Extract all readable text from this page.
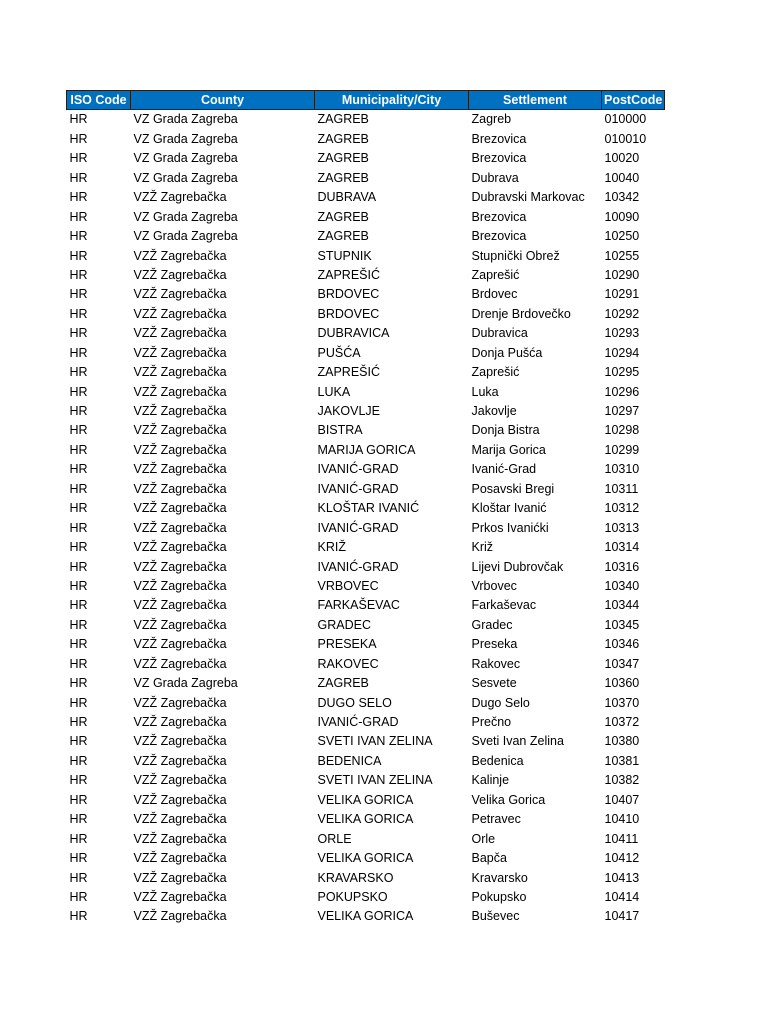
ISO Code	County	Municipality/City	Settlement	PostCode
HR	VZ Grada Zagreba	ZAGREB	Zagreb	010000
HR	VZ Grada Zagreba	ZAGREB	Brezovica	010010
HR	VZ Grada Zagreba	ZAGREB	Brezovica	10020
HR	VZ Grada Zagreba	ZAGREB	Dubrava	10040
HR	VZŽ Zagrebačka	DUBRAVA	Dubravski Markovac	10342
HR	VZ Grada Zagreba	ZAGREB	Brezovica	10090
HR	VZ Grada Zagreba	ZAGREB	Brezovica	10250
HR	VZŽ Zagrebačka	STUPNIK	Stupnički Obrež	10255
HR	VZŽ Zagrebačka	ZAPREŠIĆ	Zaprešić	10290
HR	VZŽ Zagrebačka	BRDOVEC	Brdovec	10291
HR	VZŽ Zagrebačka	BRDOVEC	Drenje Brdovečko	10292
HR	VZŽ Zagrebačka	DUBRAVICA	Dubravica	10293
HR	VZŽ Zagrebačka	PUŠĆA	Donja Pušća	10294
HR	VZŽ Zagrebačka	ZAPREŠIĆ	Zaprešić	10295
HR	VZŽ Zagrebačka	LUKA	Luka	10296
HR	VZŽ Zagrebačka	JAKOVLJE	Jakovlje	10297
HR	VZŽ Zagrebačka	BISTRA	Donja Bistra	10298
HR	VZŽ Zagrebačka	MARIJA GORICA	Marija Gorica	10299
HR	VZŽ Zagrebačka	IVANIĆ-GRAD	Ivanić-Grad	10310
HR	VZŽ Zagrebačka	IVANIĆ-GRAD	Posavski Bregi	10311
HR	VZŽ Zagrebačka	KLOŠTAR IVANIĆ	Kloštar Ivanić	10312
HR	VZŽ Zagrebačka	IVANIĆ-GRAD	Prkos Ivanićki	10313
HR	VZŽ Zagrebačka	KRIŽ	Križ	10314
HR	VZŽ Zagrebačka	IVANIĆ-GRAD	Lijevi Dubrovčak	10316
HR	VZŽ Zagrebačka	VRBOVEC	Vrbovec	10340
HR	VZŽ Zagrebačka	FARKAŠEVAC	Farkaševac	10344
HR	VZŽ Zagrebačka	GRADEC	Gradec	10345
HR	VZŽ Zagrebačka	PRESEKA	Preseka	10346
HR	VZŽ Zagrebačka	RAKOVEC	Rakovec	10347
HR	VZ Grada Zagreba	ZAGREB	Sesvete	10360
HR	VZŽ Zagrebačka	DUGO SELO	Dugo Selo	10370
HR	VZŽ Zagrebačka	IVANIĆ-GRAD	Prečno	10372
HR	VZŽ Zagrebačka	SVETI IVAN ZELINA	Sveti Ivan Zelina	10380
HR	VZŽ Zagrebačka	BEDENICA	Bedenica	10381
HR	VZŽ Zagrebačka	SVETI IVAN ZELINA	Kalinje	10382
HR	VZŽ Zagrebačka	VELIKA GORICA	Velika Gorica	10407
HR	VZŽ Zagrebačka	VELIKA GORICA	Petravec	10410
HR	VZŽ Zagrebačka	ORLE	Orle	10411
HR	VZŽ Zagrebačka	VELIKA GORICA	Bapča	10412
HR	VZŽ Zagrebačka	KRAVARSKO	Kravarsko	10413
HR	VZŽ Zagrebačka	POKUPSKO	Pokupsko	10414
HR	VZŽ Zagrebačka	VELIKA GORICA	Buševec	10417
